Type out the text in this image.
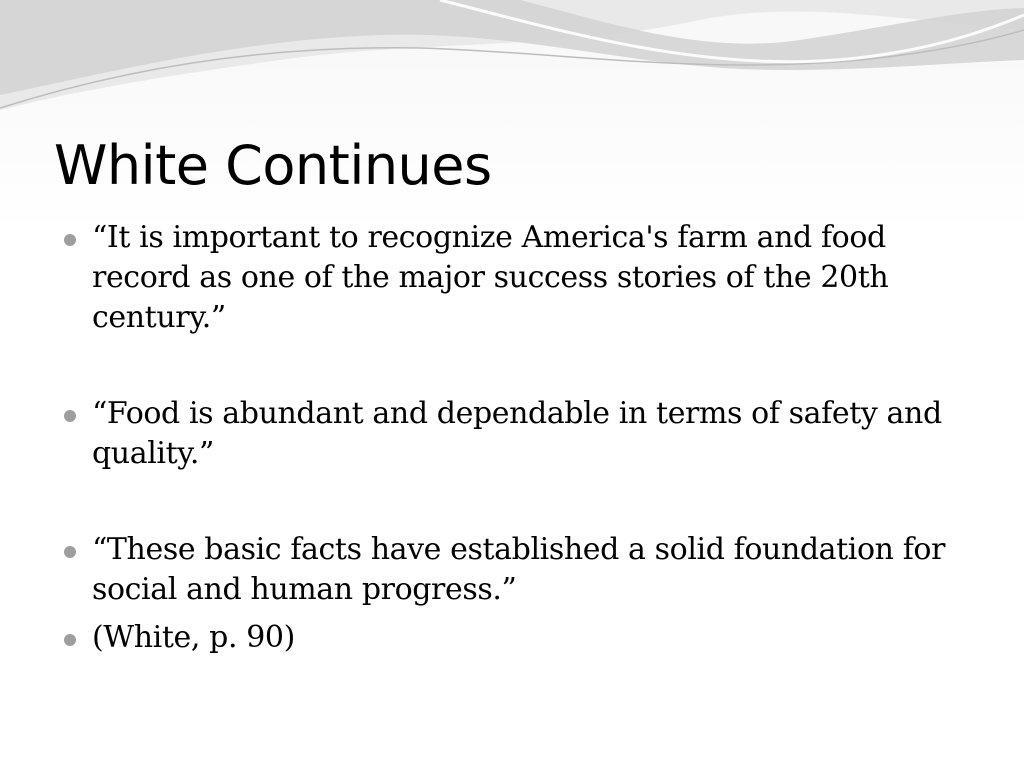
White Continues
“It is important to recognize America's farm and food record as one of the major success stories of the 20th century.”
“Food is abundant and dependable in terms of safety and quality.”
“These basic facts have established a solid foundation for social and human progress.”
(White, p. 90)
